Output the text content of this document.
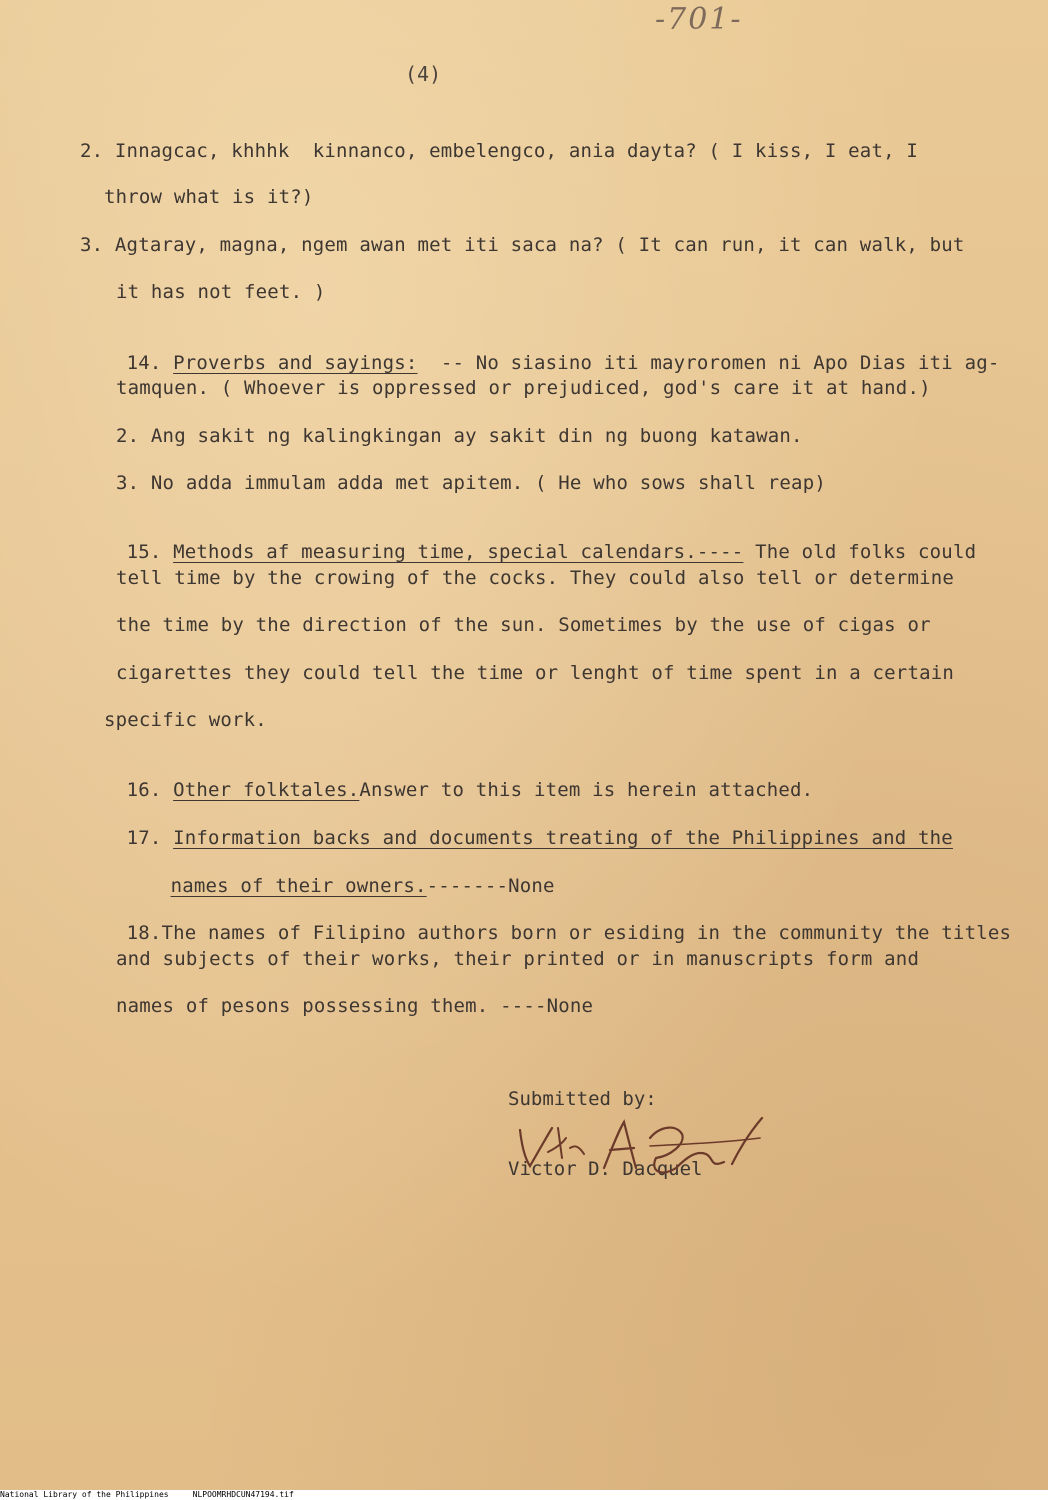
-701-
(4)
2. Innagcac, khhhk  kinnanco, embelengco, ania dayta? ( I kiss, I eat, I
throw what is it?)
3. Agtaray, magna, ngem awan met iti saca na? ( It can run, it can walk, but
it has not feet. )

14. Proverbs and sayings: -- No siasino iti mayroromen ni Apo Dias iti ag-

tamquen. ( Whoever is oppressed or prejudiced, god's care it at hand.)
2. Ang sakit ng kalingkingan ay sakit din ng buong katawan.
3. No adda immulam adda met apitem. ( He who sows shall reap)

15. Methods af measuring time, special calendars.---- The old folks could

tell time by the crowing of the cocks. They could also tell or determine
the time by the direction of the sun. Sometimes by the use of cigas or
cigarettes they could tell the time or lenght of time spent in a certain
specific work.

16. Other folktales.Answer to this item is herein attached.

17. Information backs and documents treating of the Philippines and the

names of their owners.-------None

18.The names of Filipino authors born or esiding in the community the titles

and subjects of their works, their printed or in manuscripts form and
names of pesons possessing them. ----None
Submitted by:
Victor D. Dacquel
National Library of the Philippines     NLPOOMRHDCUN47194.tif
